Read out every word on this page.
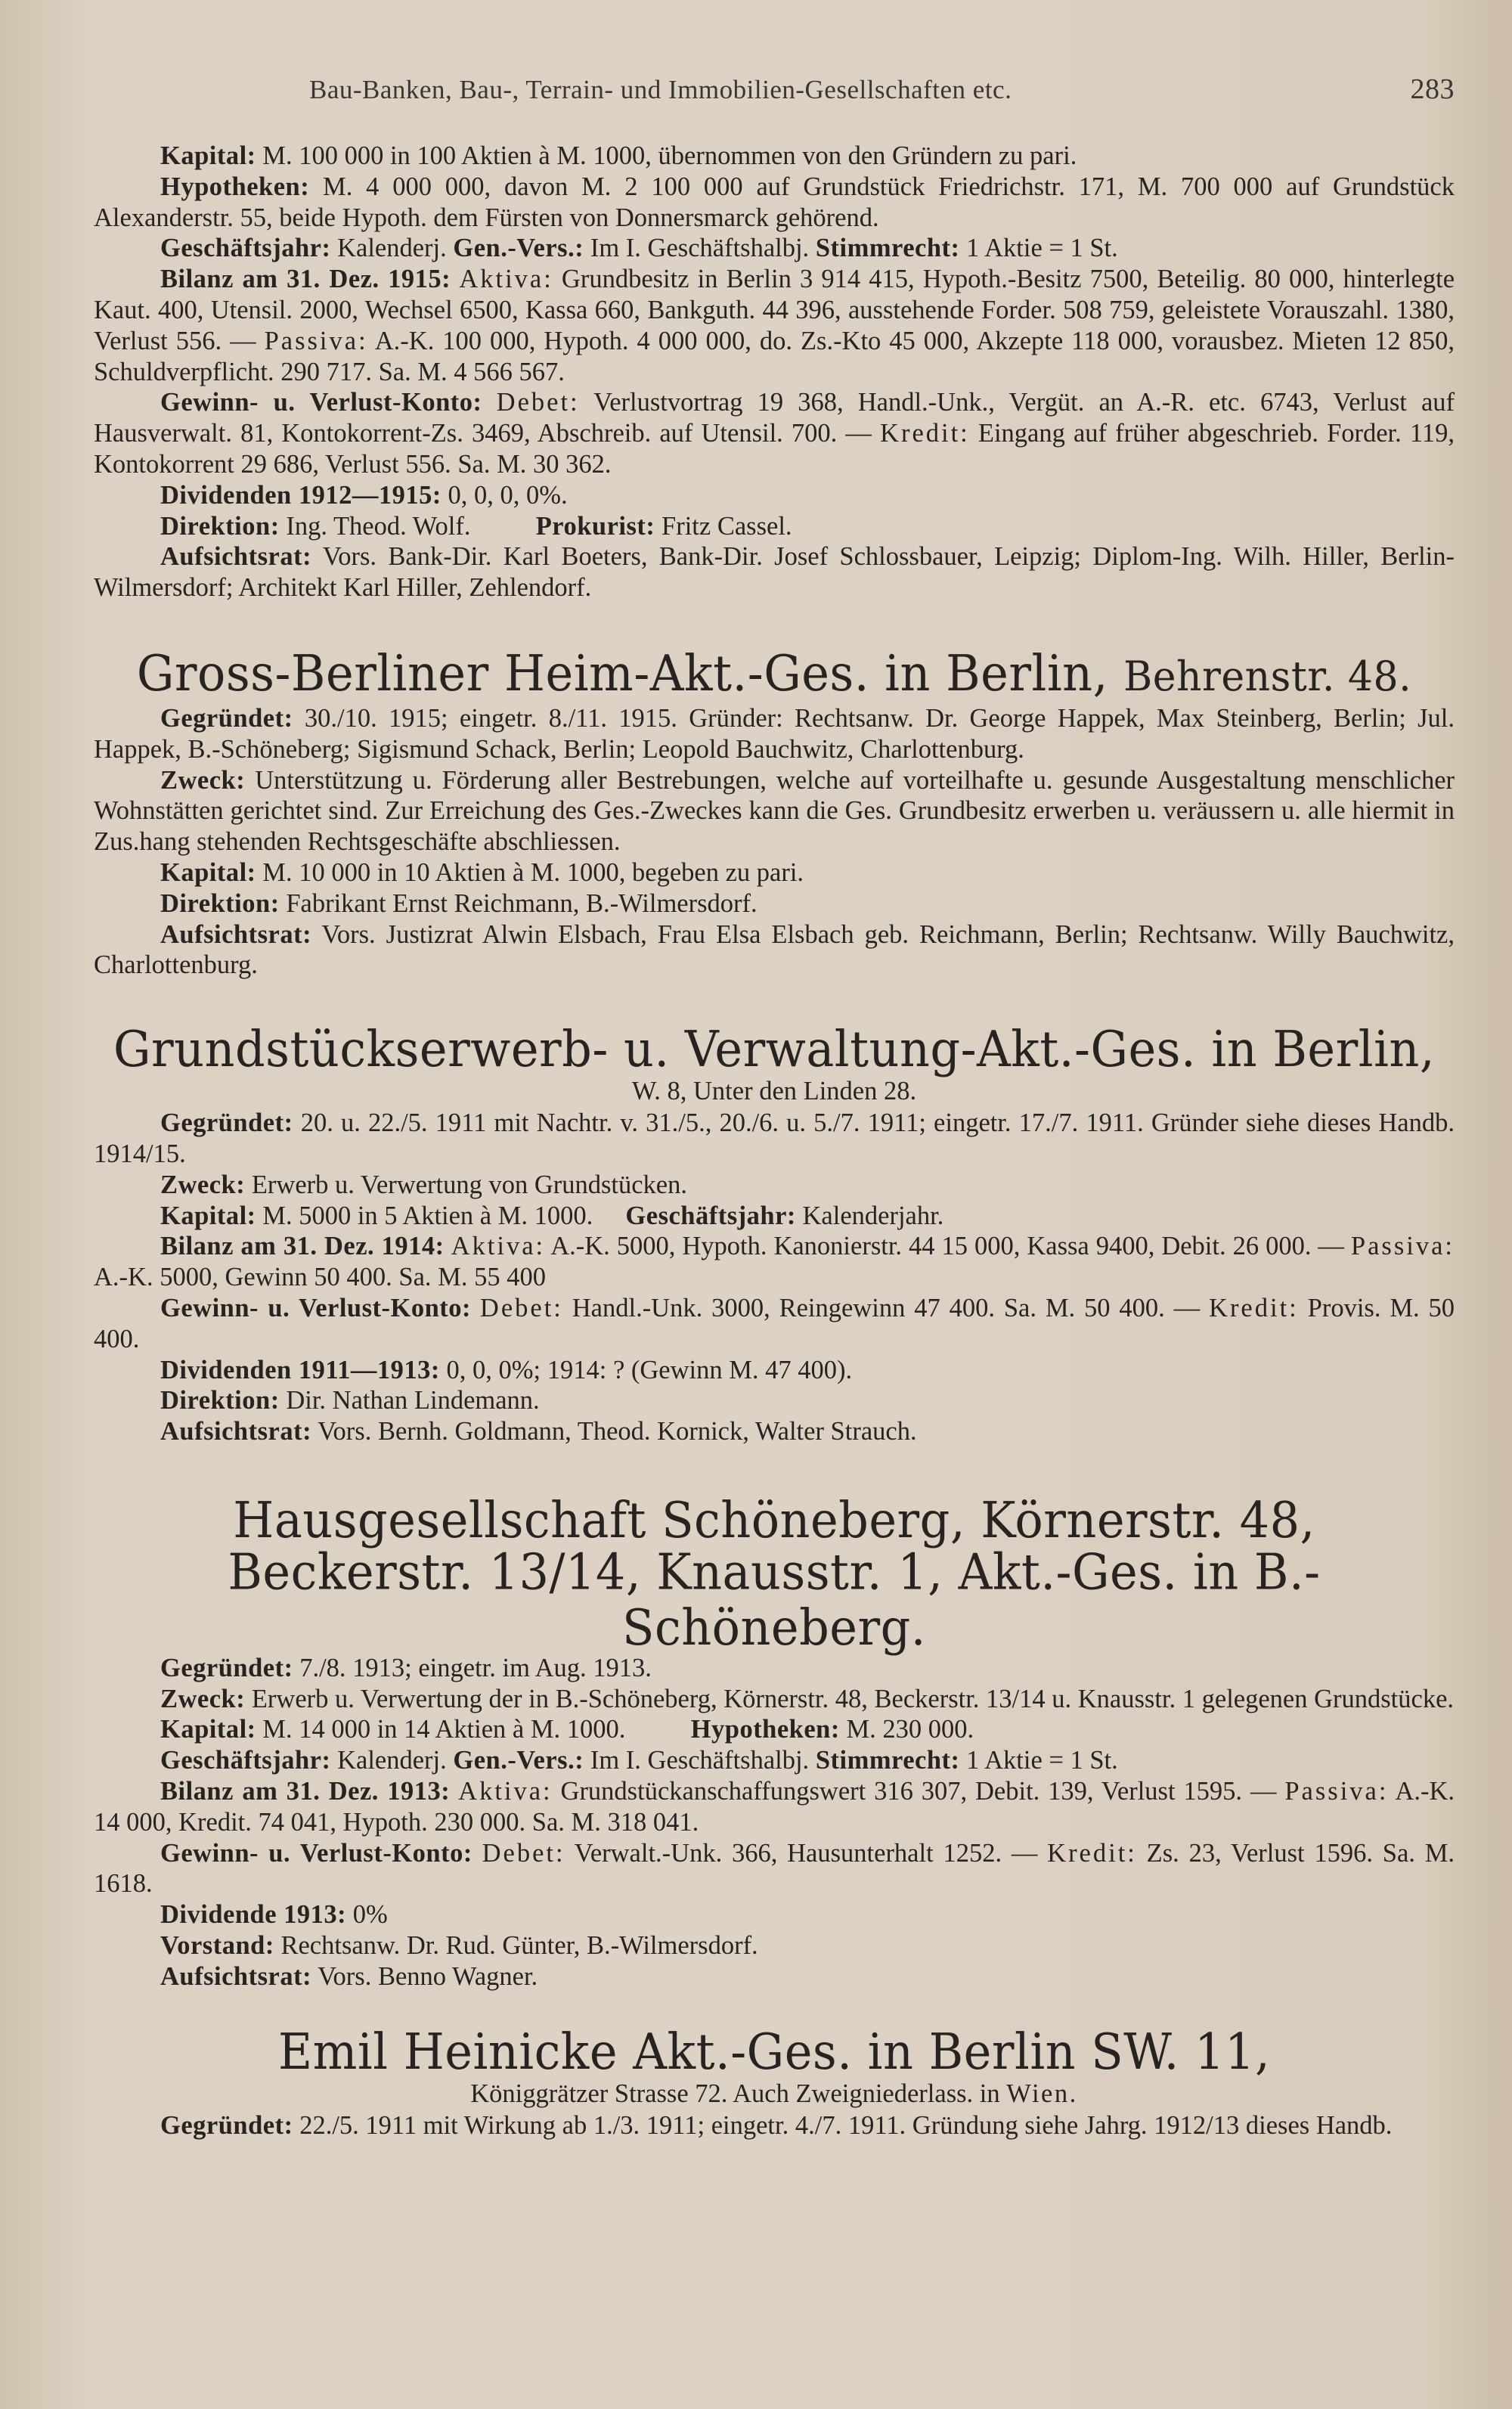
Bau-Banken, Bau-, Terrain- und Immobilien-Gesellschaften etc.	283

Kapital: M. 100 000 in 100 Aktien à M. 1000, übernommen von den Gründern zu pari.

Hypotheken: M. 4 000 000, davon M. 2 100 000 auf Grundstück Friedrichstr. 171, M. 700 000 auf Grundstück Alexanderstr. 55, beide Hypoth. dem Fürsten von Donnersmarck gehörend.

Geschäftsjahr: Kalenderj. Gen.-Vers.: Im I. Geschäftshalbj. Stimmrecht: 1 Aktie = 1 St.

Bilanz am 31. Dez. 1915: Aktiva: Grundbesitz in Berlin 3 914 415, Hypoth.-Besitz 7500, Beteilig. 80 000, hinterlegte Kaut. 400, Utensil. 2000, Wechsel 6500, Kassa 660, Bankguth. 44 396, ausstehende Forder. 508 759, geleistete Vorauszahl. 1380, Verlust 556. — Passiva: A.-K. 100 000, Hypoth. 4 000 000, do. Zs.-Kto 45 000, Akzepte 118 000, vorausbez. Mieten 12 850, Schuldverpflicht. 290 717. Sa. M. 4 566 567.

Gewinn- u. Verlust-Konto: Debet: Verlustvortrag 19 368, Handl.-Unk., Vergüt. an A.-R. etc. 6743, Verlust auf Hausverwalt. 81, Kontokorrent-Zs. 3469, Abschreib. auf Utensil. 700. — Kredit: Eingang auf früher abgeschrieb. Forder. 119, Kontokorrent 29 686, Verlust 556. Sa. M. 30 362.

Dividenden 1912—1915: 0, 0, 0, 0%.

Direktion: Ing. Theod. Wolf.          Prokurist: Fritz Cassel.

Aufsichtsrat: Vors. Bank-Dir. Karl Boeters, Bank-Dir. Josef Schlossbauer, Leipzig; Diplom-Ing. Wilh. Hiller, Berlin-Wilmersdorf; Architekt Karl Hiller, Zehlendorf.

Gross-Berliner Heim-Akt.-Ges. in Berlin, Behrenstr. 48.

Gegründet: 30./10. 1915; eingetr. 8./11. 1915. Gründer: Rechtsanw. Dr. George Happek, Max Steinberg, Berlin; Jul. Happek, B.-Schöneberg; Sigismund Schack, Berlin; Leopold Bauchwitz, Charlottenburg.

Zweck: Unterstützung u. Förderung aller Bestrebungen, welche auf vorteilhafte u. gesunde Ausgestaltung menschlicher Wohnstätten gerichtet sind. Zur Erreichung des Ges.-Zweckes kann die Ges. Grundbesitz erwerben u. veräussern u. alle hiermit in Zus.hang stehenden Rechtsgeschäfte abschliessen.

Kapital: M. 10 000 in 10 Aktien à M. 1000, begeben zu pari.

Direktion: Fabrikant Ernst Reichmann, B.-Wilmersdorf.

Aufsichtsrat: Vors. Justizrat Alwin Elsbach, Frau Elsa Elsbach geb. Reichmann, Berlin; Rechtsanw. Willy Bauchwitz, Charlottenburg.

Grundstückserwerb- u. Verwaltung-Akt.-Ges. in Berlin,
W. 8, Unter den Linden 28.

Gegründet: 20. u. 22./5. 1911 mit Nachtr. v. 31./5., 20./6. u. 5./7. 1911; eingetr. 17./7. 1911. Gründer siehe dieses Handb. 1914/15.

Zweck: Erwerb u. Verwertung von Grundstücken.

Kapital: M. 5000 in 5 Aktien à M. 1000.     Geschäftsjahr: Kalenderjahr.

Bilanz am 31. Dez. 1914: Aktiva: A.-K. 5000, Hypoth. Kanonierstr. 44 15 000, Kassa 9400, Debit. 26 000. — Passiva: A.-K. 5000, Gewinn 50 400. Sa. M. 55 400

Gewinn- u. Verlust-Konto: Debet: Handl.-Unk. 3000, Reingewinn 47 400. Sa. M. 50 400. — Kredit: Provis. M. 50 400.

Dividenden 1911—1913: 0, 0, 0%; 1914: ? (Gewinn M. 47 400).

Direktion: Dir. Nathan Lindemann.

Aufsichtsrat: Vors. Bernh. Goldmann, Theod. Kornick, Walter Strauch.

Hausgesellschaft Schöneberg, Körnerstr. 48,
Beckerstr. 13/14, Knausstr. 1, Akt.-Ges. in B.-Schöneberg.

Gegründet: 7./8. 1913; eingetr. im Aug. 1913.

Zweck: Erwerb u. Verwertung der in B.-Schöneberg, Körnerstr. 48, Beckerstr. 13/14 u. Knausstr. 1 gelegenen Grundstücke.

Kapital: M. 14 000 in 14 Aktien à M. 1000.          Hypotheken: M. 230 000.

Geschäftsjahr: Kalenderj. Gen.-Vers.: Im I. Geschäftshalbj. Stimmrecht: 1 Aktie = 1 St.

Bilanz am 31. Dez. 1913: Aktiva: Grundstückanschaffungswert 316 307, Debit. 139, Verlust 1595. — Passiva: A.-K. 14 000, Kredit. 74 041, Hypoth. 230 000. Sa. M. 318 041.

Gewinn- u. Verlust-Konto: Debet: Verwalt.-Unk. 366, Hausunterhalt 1252. — Kredit: Zs. 23, Verlust 1596. Sa. M. 1618.

Dividende 1913: 0%

Vorstand: Rechtsanw. Dr. Rud. Günter, B.-Wilmersdorf.

Aufsichtsrat: Vors. Benno Wagner.

Emil Heinicke Akt.-Ges. in Berlin SW. 11,
Königgrätzer Strasse 72. Auch Zweigniederlass. in Wien.

Gegründet: 22./5. 1911 mit Wirkung ab 1./3. 1911; eingetr. 4./7. 1911. Gründung siehe Jahrg. 1912/13 dieses Handb.
